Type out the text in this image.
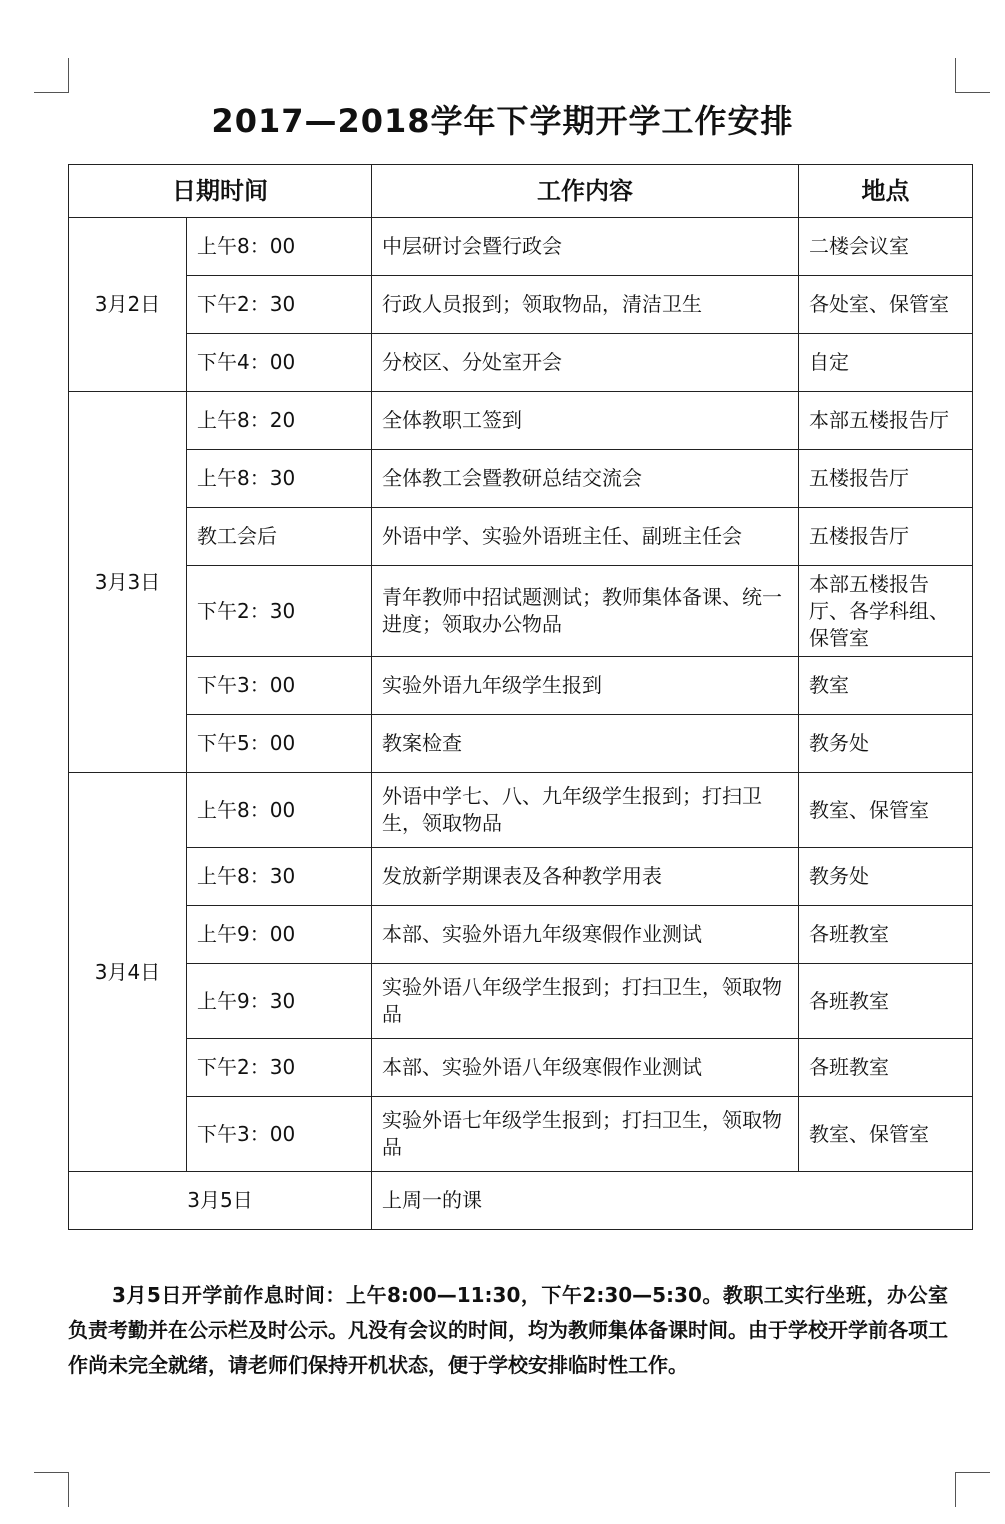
2017—2018学年下学期开学工作安排
日期时间		工作内容	地点
3月2日	上午8：00	中层研讨会暨行政会	二楼会议室
	下午2：30	行政人员报到；领取物品，清洁卫生	各处室、保管室
	下午4：00	分校区、分处室开会	自定
3月3日	上午8：20	全体教职工签到	本部五楼报告厅
	上午8：30	全体教工会暨教研总结交流会	五楼报告厅
	教工会后	外语中学、实验外语班主任、副班主任会	五楼报告厅
	下午2：30	青年教师中招试题测试；教师集体备课、统一进度；领取办公物品	本部五楼报告厅、各学科组、保管室
	下午3：00	实验外语九年级学生报到	教室
	下午5：00	教案检查	教务处
3月4日	上午8：00	外语中学七、八、九年级学生报到；打扫卫生，领取物品	教室、保管室
	上午8：30	发放新学期课表及各种教学用表	教务处
	上午9：00	本部、实验外语九年级寒假作业测试	各班教室
	上午9：30	实验外语八年级学生报到；打扫卫生，领取物品	各班教室
	下午2：30	本部、实验外语八年级寒假作业测试	各班教室
	下午3：00	实验外语七年级学生报到；打扫卫生，领取物品	教室、保管室
3月5日		上周一的课	
3月5日开学前作息时间：上午8:00—11:30，下午2:30—5:30。教职工实行坐班，办公室负责考勤并在公示栏及时公示。凡没有会议的时间，均为教师集体备课时间。由于学校开学前各项工作尚未完全就绪，请老师们保持开机状态，便于学校安排临时性工作。
